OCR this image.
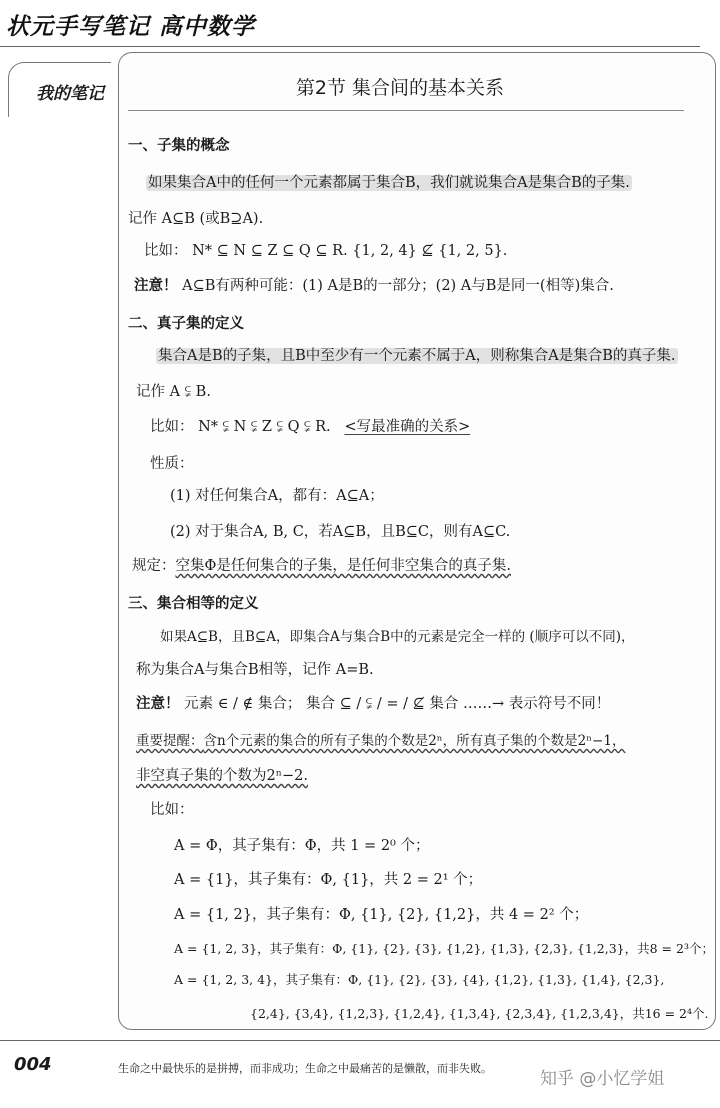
状元手写笔记 高中数学
我的笔记	第2节 集合间的基本关系
一、子集的概念
如果集合A中的任何一个元素都属于集合B，我们就说集合A是集合B的子集.
记作 A⊆B (或B⊇A).
比如： N* ⊆ N ⊆ Z ⊆ Q ⊆ R. {1, 2, 4} ⊈ {1, 2, 5}.
注意！ A⊆B有两种可能：(1) A是B的一部分；(2) A与B是同一(相等)集合.
二、真子集的定义
集合A是B的子集，且B中至少有一个元素不属于A，则称集合A是集合B的真子集.
记作 A ⫋ B.
比如： N* ⫋ N ⫋ Z ⫋ Q ⫋ R. <写最准确的关系>
性质：
(1) 对任何集合A，都有：A⊆A；
(2) 对于集合A, B, C，若A⊆B，且B⊆C，则有A⊆C.
规定：空集Φ是任何集合的子集，是任何非空集合的真子集.
三、集合相等的定义
如果A⊆B，且B⊆A，即集合A与集合B中的元素是完全一样的 (顺序可以不同)，
称为集合A与集合B相等，记作 A=B.
注意！ 元素 ∈ / ∉ 集合； 集合 ⊆ / ⫋ / = / ⊈ 集合 ……→ 表示符号不同！
重要提醒：含n个元素的集合的所有子集的个数是2ⁿ，所有真子集的个数是2ⁿ−1，
非空真子集的个数为2ⁿ−2.
比如：
A = Φ，其子集有：Φ，共 1 = 2⁰ 个；
A = {1}，其子集有：Φ, {1}，共 2 = 2¹ 个；
A = {1, 2}，其子集有：Φ, {1}, {2}, {1,2}，共 4 = 2² 个；
A = {1, 2, 3}，其子集有：Φ, {1}, {2}, {3}, {1,2}, {1,3}, {2,3}, {1,2,3}，共8 = 2³个；
A = {1, 2, 3, 4}，其子集有：Φ, {1}, {2}, {3}, {4}, {1,2}, {1,3}, {1,4}, {2,3},
{2,4}, {3,4}, {1,2,3}, {1,2,4}, {1,3,4}, {2,3,4}, {1,2,3,4}，共16 = 2⁴个.
004	生命之中最快乐的是拼搏，而非成功；生命之中最痛苦的是懒散，而非失败。
知乎 @小忆学姐
